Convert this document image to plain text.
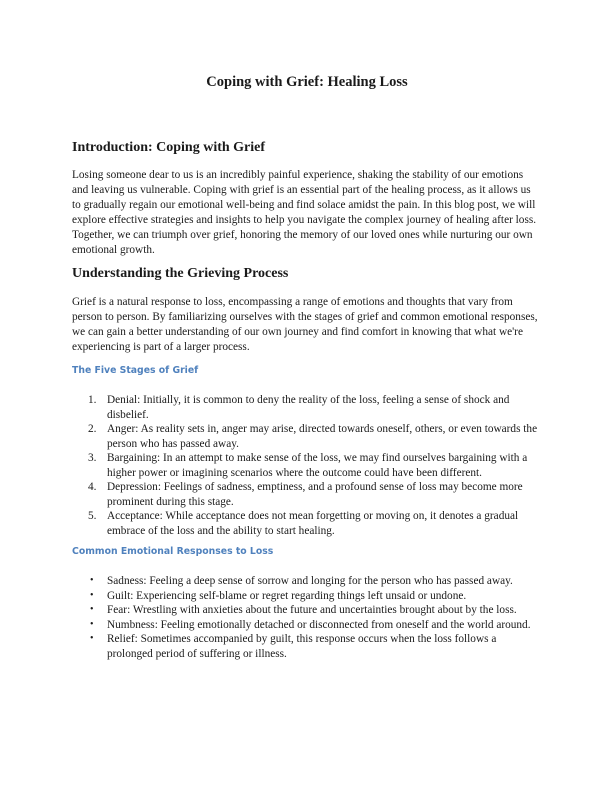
Coping with Grief: Healing Loss
Introduction: Coping with Grief

Losing someone dear to us is an incredibly painful experience, shaking the stability of our emotions and leaving us vulnerable. Coping with grief is an essential part of the healing process, as it allows us to gradually regain our emotional well-being and find solace amidst the pain. In this blog post, we will explore effective strategies and insights to help you navigate the complex journey of healing after loss. Together, we can triumph over grief, honoring the memory of our loved ones while nurturing our own emotional growth.

Understanding the Grieving Process

Grief is a natural response to loss, encompassing a range of emotions and thoughts that vary from person to person. By familiarizing ourselves with the stages of grief and common emotional responses, we can gain a better understanding of our own journey and find comfort in knowing that what we're experiencing is part of a larger process.

The Five Stages of Grief
1. Denial: Initially, it is common to deny the reality of the loss, feeling a sense of shock and disbelief.
2. Anger: As reality sets in, anger may arise, directed towards oneself, others, or even towards the person who has passed away.
3. Bargaining: In an attempt to make sense of the loss, we may find ourselves bargaining with a higher power or imagining scenarios where the outcome could have been different.
4. Depression: Feelings of sadness, emptiness, and a profound sense of loss may become more prominent during this stage.
5. Acceptance: While acceptance does not mean forgetting or moving on, it denotes a gradual embrace of the loss and the ability to start healing.
Common Emotional Responses to Loss
• Sadness: Feeling a deep sense of sorrow and longing for the person who has passed away.
• Guilt: Experiencing self-blame or regret regarding things left unsaid or undone.
• Fear: Wrestling with anxieties about the future and uncertainties brought about by the loss.
• Numbness: Feeling emotionally detached or disconnected from oneself and the world around.
• Relief: Sometimes accompanied by guilt, this response occurs when the loss follows a prolonged period of suffering or illness.
